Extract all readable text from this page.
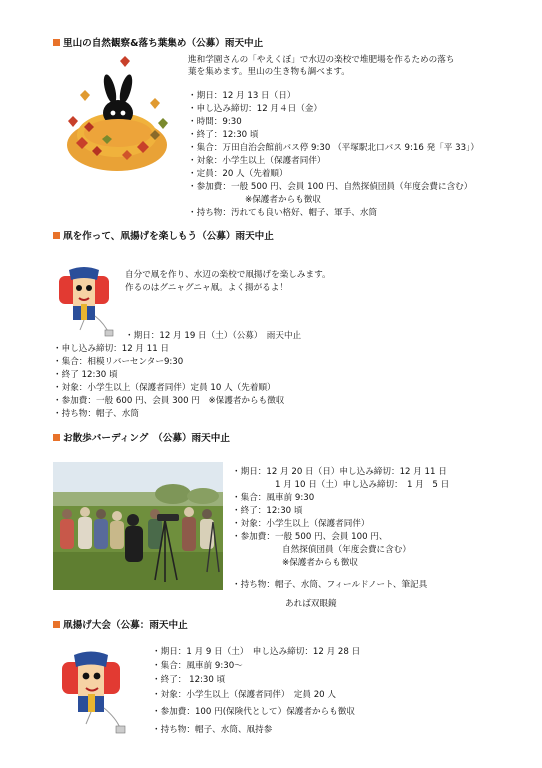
里山の自然観察&落ち葉集め（公募）雨天中止
進和学園さんの「やえくぼ」で水辺の楽校で堆肥場を作るための落ち
葉を集めます。里山の生き物も調べます。
・期日：12 月 13 日（日）
・申し込み締切：12 月４日（金）
・時間：9:30
・終了：12:30 頃
・集合：万田自治会館前バス停 9:30 （平塚駅北口バス 9:16 発「平 33」）
・対象：小学生以上（保護者同伴）
・定員：20 人（先着順）
・参加費：一般 500 円、会員 100 円、自然探偵団員（年度会費に含む）
※保護者からも徴収
・持ち物：汚れても良い格好、帽子、軍手、水筒
凧を作って、凧揚げを楽しもう（公募）雨天中止
自分で凧を作り、水辺の楽校で凧揚げを楽しみます。
作るのはグニャグニャ凧。よく揚がるよ！
・期日：12 月 19 日（土）（公募）　雨天中止
・申し込み締切：12 月 11 日
・集合：相模リバーセンター9:30
・終了 12:30 頃
・対象：小学生以上（保護者同伴）定員 10 人（先着順）
・参加費：一般 600 円、会員 300 円　※保護者からも徴収
・持ち物：帽子、水筒
お散歩バーディング　（公募）雨天中止
・期日：12 月 20 日（日）申し込み締切：12 月 11 日
1 月 10 日（土）申し込み締切：　1 月　5 日
・集合：風車前 9:30
・終了：12:30 頃
・対象：小学生以上（保護者同伴）
・参加費：一般 500 円、会員 100 円、
自然探偵団員（年度会費に含む）
※保護者からも徴収
・持ち物：帽子、水筒、フィールドノート、筆記具
あれば双眼鏡
凧揚げ大会（公募：雨天中止
・期日：1 月 9 日（土）　申し込み締切：12 月 28 日
・集合：風車前 9:30〜
・終了： 12:30 頃
・対象：小学生以上（保護者同伴）　定員 20 人
・参加費：100 円(保険代として）保護者からも徴収
・持ち物：帽子、水筒、凧持参
